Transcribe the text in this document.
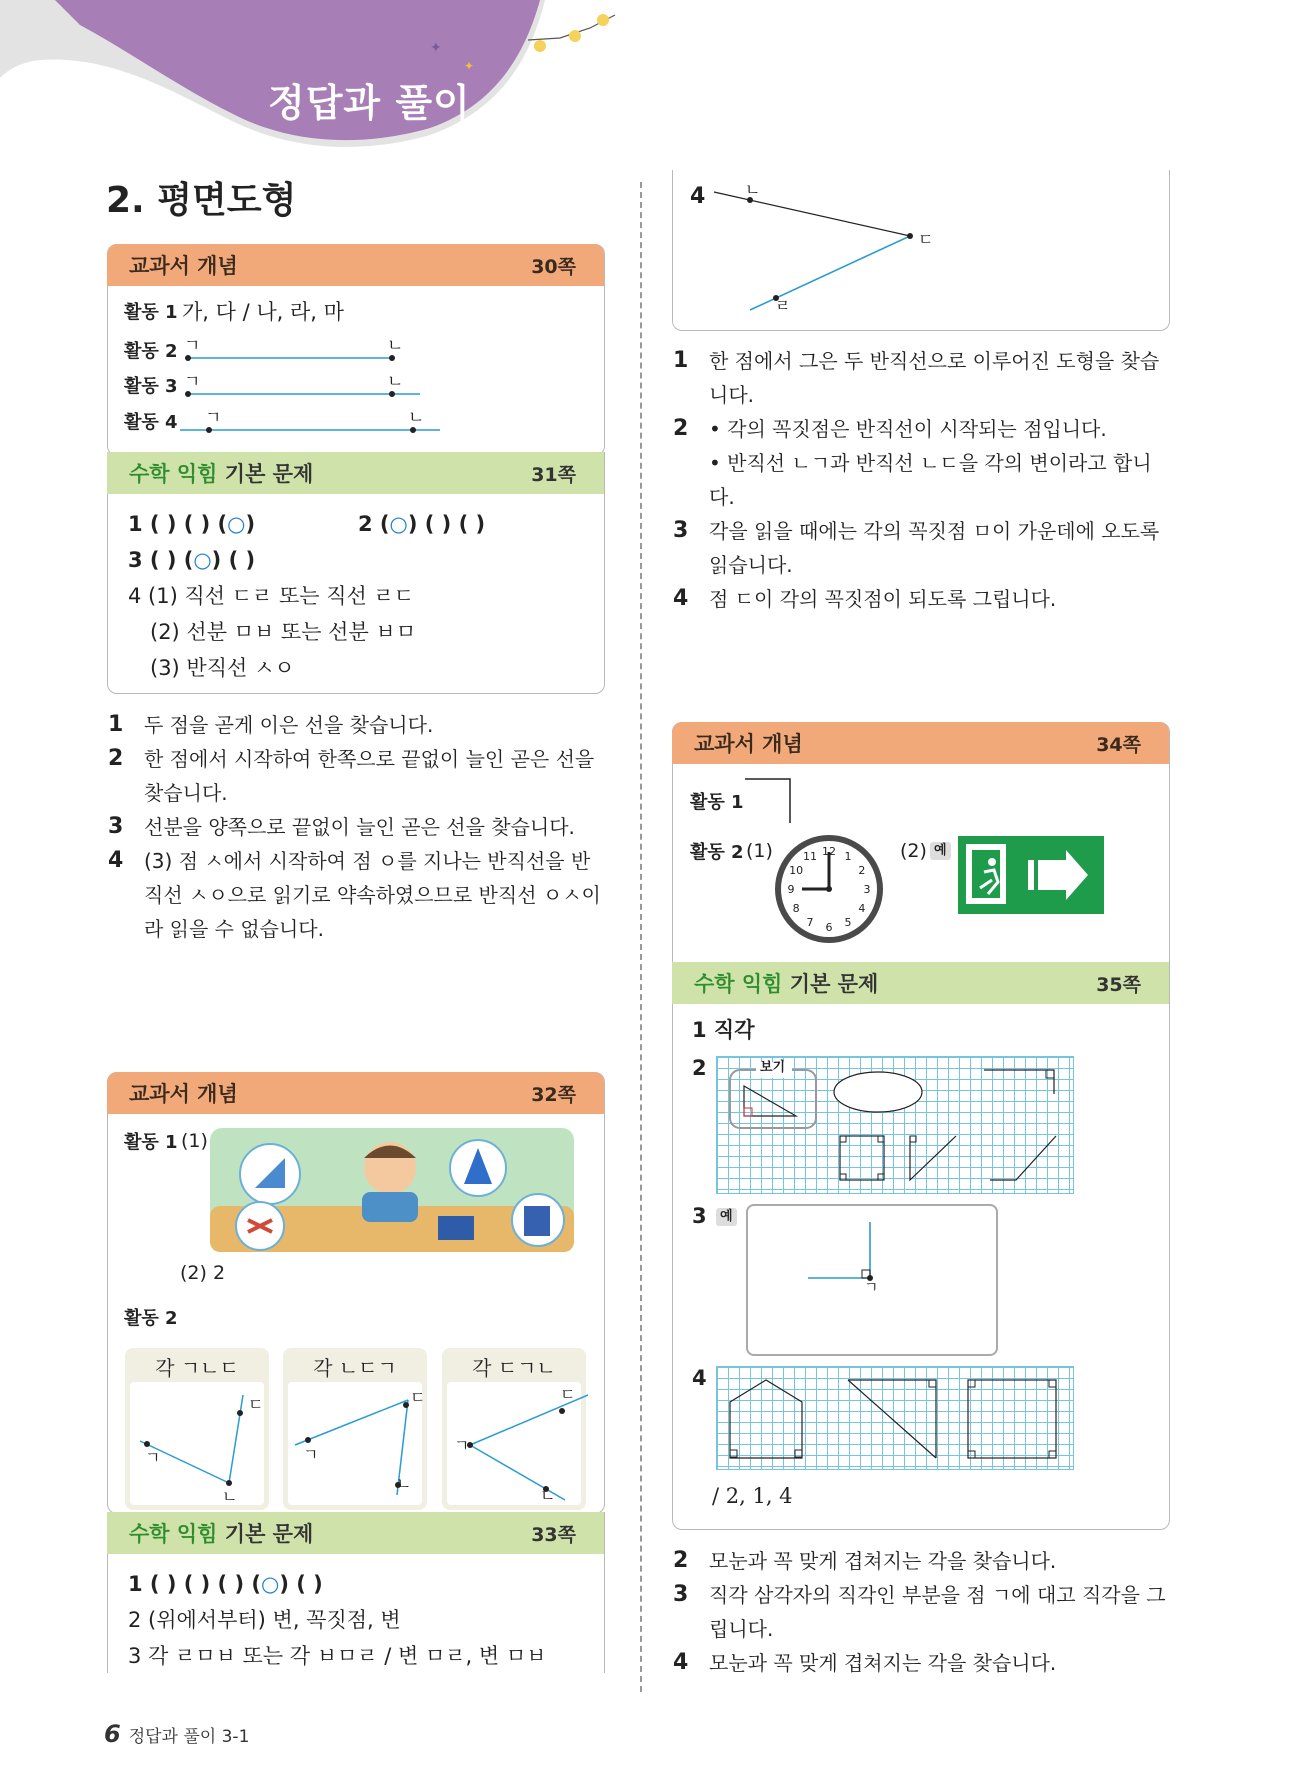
✦
✦
정답과 풀이
2. 평면도형
교과서 개념	30쪽
활동 1 가, 다 / 나, 라, 마
활동 2
활동 3
활동 4
ㄱ	ㄴ
ㄱ	ㄴ
ㄱ	ㄴ
수학 익힘 기본 문제	31쪽
1 ( ) ( ) (○)	2 (○) ( ) ( )
3 ( ) (○) ( )
4 (1) 직선 ㄷㄹ 또는 직선 ㄹㄷ
(2) 선분 ㅁㅂ 또는 선분 ㅂㅁ
(3) 반직선 ㅅㅇ
1	두 점을 곧게 이은 선을 찾습니다.
2	한 점에서 시작하여 한쪽으로 끝없이 늘인 곧은 선을 찾습니다.
3	선분을 양쪽으로 끝없이 늘인 곧은 선을 찾습니다.
4	(3) 점 ㅅ에서 시작하여 점 ㅇ를 지나는 반직선을 반직선 ㅅㅇ으로 읽기로 약속하였으므로 반직선 ㅇㅅ이라 읽을 수 없습니다.
교과서 개념	32쪽
활동 1 (1)
(2) 2
활동 2
각 ㄱㄴㄷ	각 ㄴㄷㄱ	각 ㄷㄱㄴ
ㄱ
ㄴ
ㄷ
ㄱ
ㄷ
ㄴ
ㄱ
ㄷ
ㄴ
수학 익힘 기본 문제	33쪽
1 ( ) ( ) ( ) (○) ( )
2 (위에서부터) 변, 꼭짓점, 변
3 각 ㄹㅁㅂ 또는 각 ㅂㅁㄹ / 변 ㅁㄹ, 변 ㅁㅂ
4 ㄴ
ㄷ
ㄹ
1	한 점에서 그은 두 반직선으로 이루어진 도형을 찾습니다.
2	• 각의 꼭짓점은 반직선이 시작되는 점입니다.
• 반직선 ㄴㄱ과 반직선 ㄴㄷ을 각의 변이라고 합니다.
3	각을 읽을 때에는 각의 꼭짓점 ㅁ이 가운데에 오도록 읽습니다.
4	점 ㄷ이 각의 꼭짓점이 되도록 그립니다.
교과서 개념	34쪽
활동 1
활동 2 (1)	12 1
2
3
4
5
6
7
8
9
10
11	(2) 예
수학 익힘 기본 문제	35쪽
1 직각
2	보기
3	예
ㄱ
4
/ 2, 1, 4
2	모눈과 꼭 맞게 겹쳐지는 각을 찾습니다.
3	직각 삼각자의 직각인 부분을 점 ㄱ에 대고 직각을 그립니다.
4	모눈과 꼭 맞게 겹쳐지는 각을 찾습니다.
6 정답과 풀이 3-1
